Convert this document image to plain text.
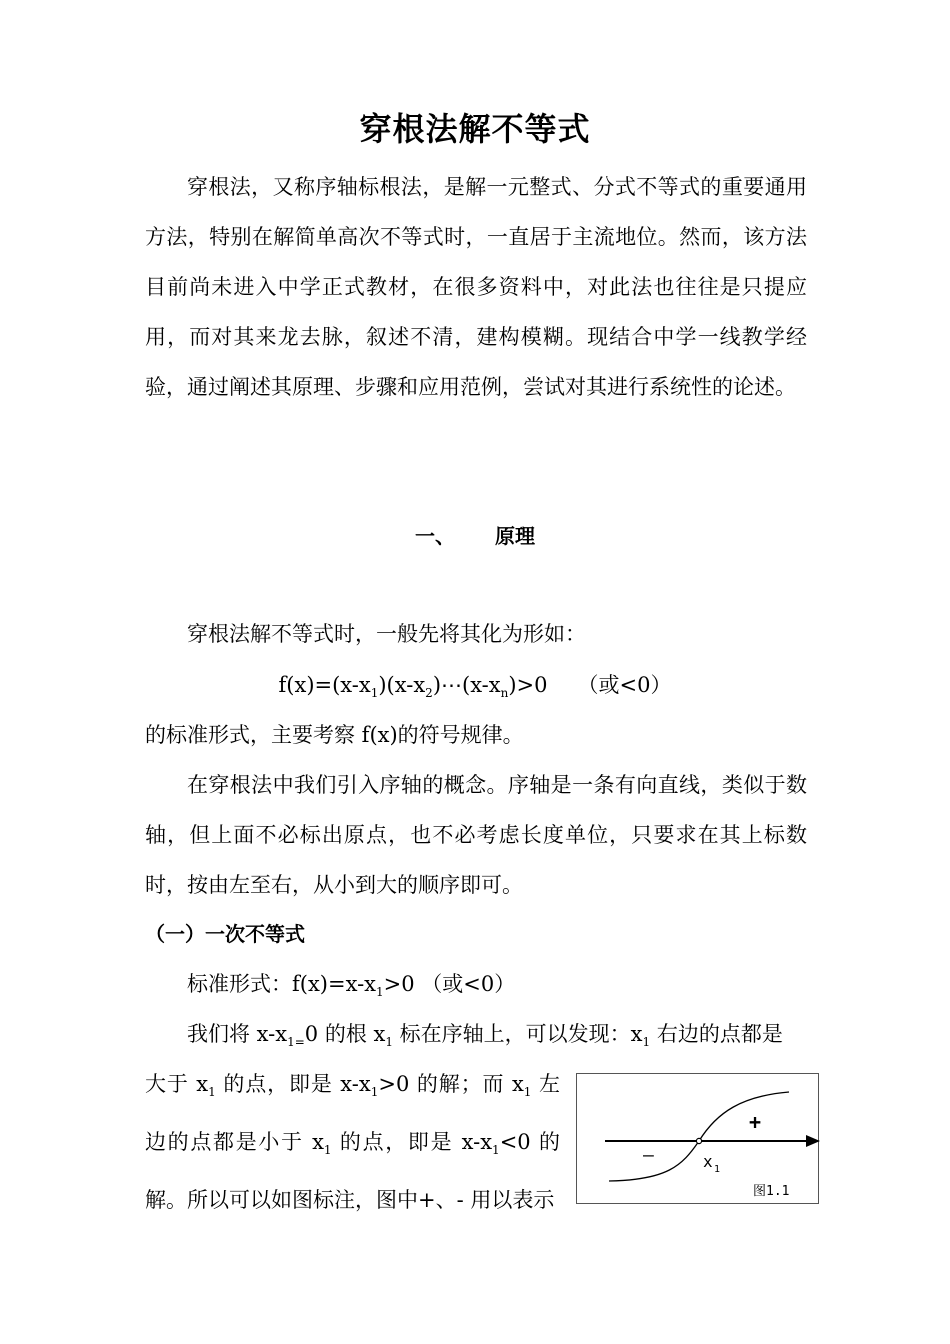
穿根法解不等式

穿根法，又称序轴标根法，是解一元整式、分式不等式的重要通用方法，特别在解简单高次不等式时，一直居于主流地位。然而，该方法目前尚未进入中学正式教材，在很多资料中，对此法也往往是只提应用，而对其来龙去脉，叙述不清，建构模糊。现结合中学一线教学经验，通过阐述其原理、步骤和应用范例，尝试对其进行系统性的论述。

一、 原理

穿根法解不等式时，一般先将其化为形如：

$f(x)=(x-x_1)(x-x_2)\cdots(x-x_n)>0$ （或<0）

的标准形式，主要考察 f(x)的符号规律。

在穿根法中我们引入序轴的概念。序轴是一条有向直线，类似于数轴，但上面不必标出原点，也不必考虑长度单位，只要求在其上标数时，按由左至右，从小到大的顺序即可。

（一）一次不等式

标准形式：$f(x)=x-x_1>0$ （或<0）

我们将 $x-x_{1=}0$ 的根 $x_1$ 标在序轴上，可以发现：$x_1$ 右边的点都是

大于 $x_1$ 的点，即是 $x-x_1>0$ 的解；而 $x_1$ 左边的点都是小于 $x_1$ 的点，即是 $x-x_1<0$ 的解。所以可以如图标注，图中+、- 用以表示

+
–	x 1
图1.1
